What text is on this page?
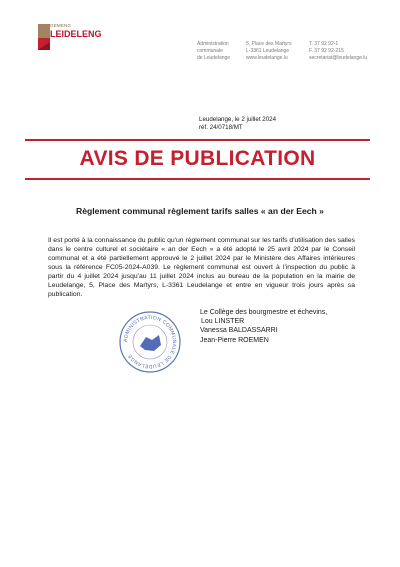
GEMENG
LEIDELENG
Administration
communale
de Leudelange
5, Place des Martyrs
L-3361 Leudelange
www.leudelange.lu
T. 37 92 92-1
F. 37 92 92-215
secretariat@leudelange.lu
Leudelange, le 2 juillet 2024
réf. 24/0718/MT
AVIS DE PUBLICATION
Règlement communal règlement tarifs salles « an der Eech »
Il est porté à la connaissance du public qu'un règlement communal sur les tarifs d'utilisation des salles dans le centre culturel et sociétaire « an der Eech » a été adopté le 25 avril 2024 par le Conseil communal et a été partiellement approuvé le 2 juillet 2024 par le Ministère des Affaires intérieures sous la référence FC05-2024-A039. Le règlement communal est ouvert à l'inspection du public à partir du 4 juillet 2024 jusqu'au 11 juillet 2024 inclus au bureau de la population en la mairie de Leudelange, 5, Place des Martyrs, L-3361 Leudelange et entre en vigueur trois jours après sa publication.
ADMINISTRATION COMMUNALE DE LEUDELANGE
Le Collège des bourgmestre et échevins,
Lou LINSTER
Vanessa BALDASSARRI
Jean-Pierre ROEMEN
